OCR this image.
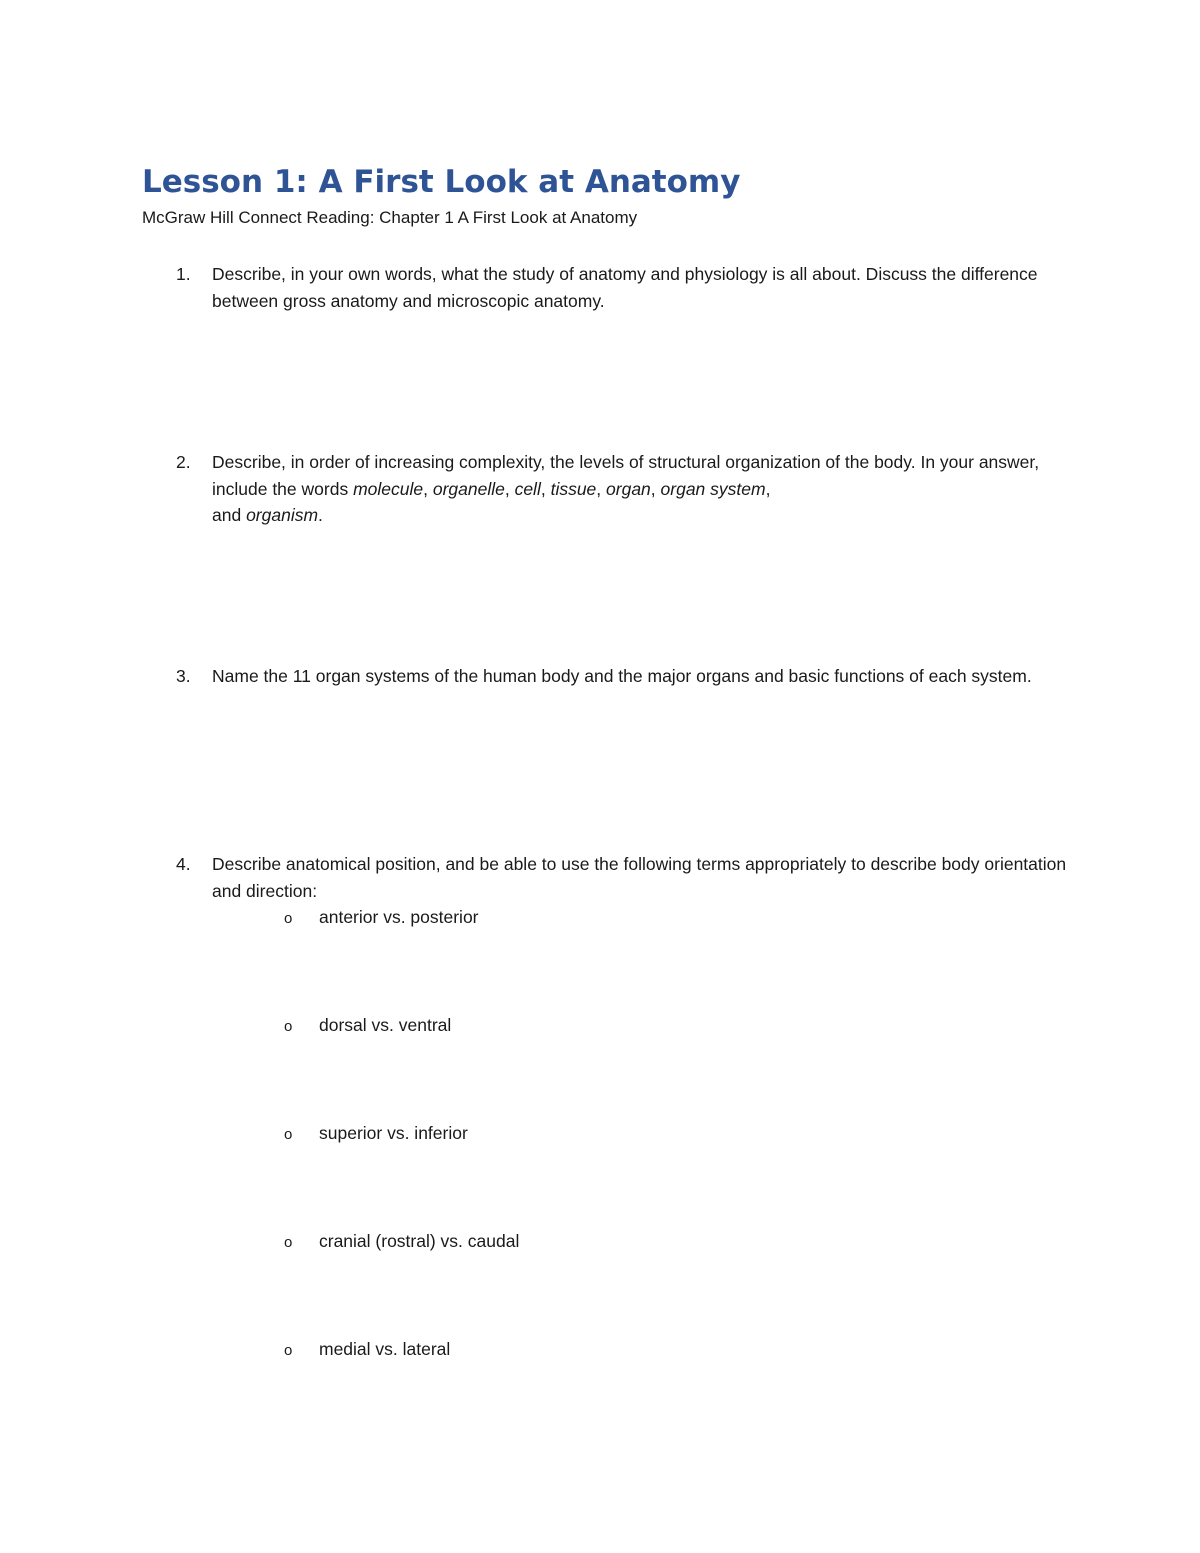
Lesson 1: A First Look at Anatomy

McGraw Hill Connect Reading: Chapter 1 A First Look at Anatomy

1.	Describe, in your own words, what the study of anatomy and physiology is all about. Discuss the difference between gross anatomy and microscopic anatomy.
2.	Describe, in order of increasing complexity, the levels of structural organization of the body. In your answer, include the words molecule, organelle, cell, tissue, organ, organ system,
and organism.
3.	Name the 11 organ systems of the human body and the major organs and basic functions of each system.
4.	Describe anatomical position, and be able to use the following terms appropriately to describe body orientation and direction:
o anterior vs. posterior
o dorsal vs. ventral
o superior vs. inferior
o cranial (rostral) vs. caudal
o medial vs. lateral
